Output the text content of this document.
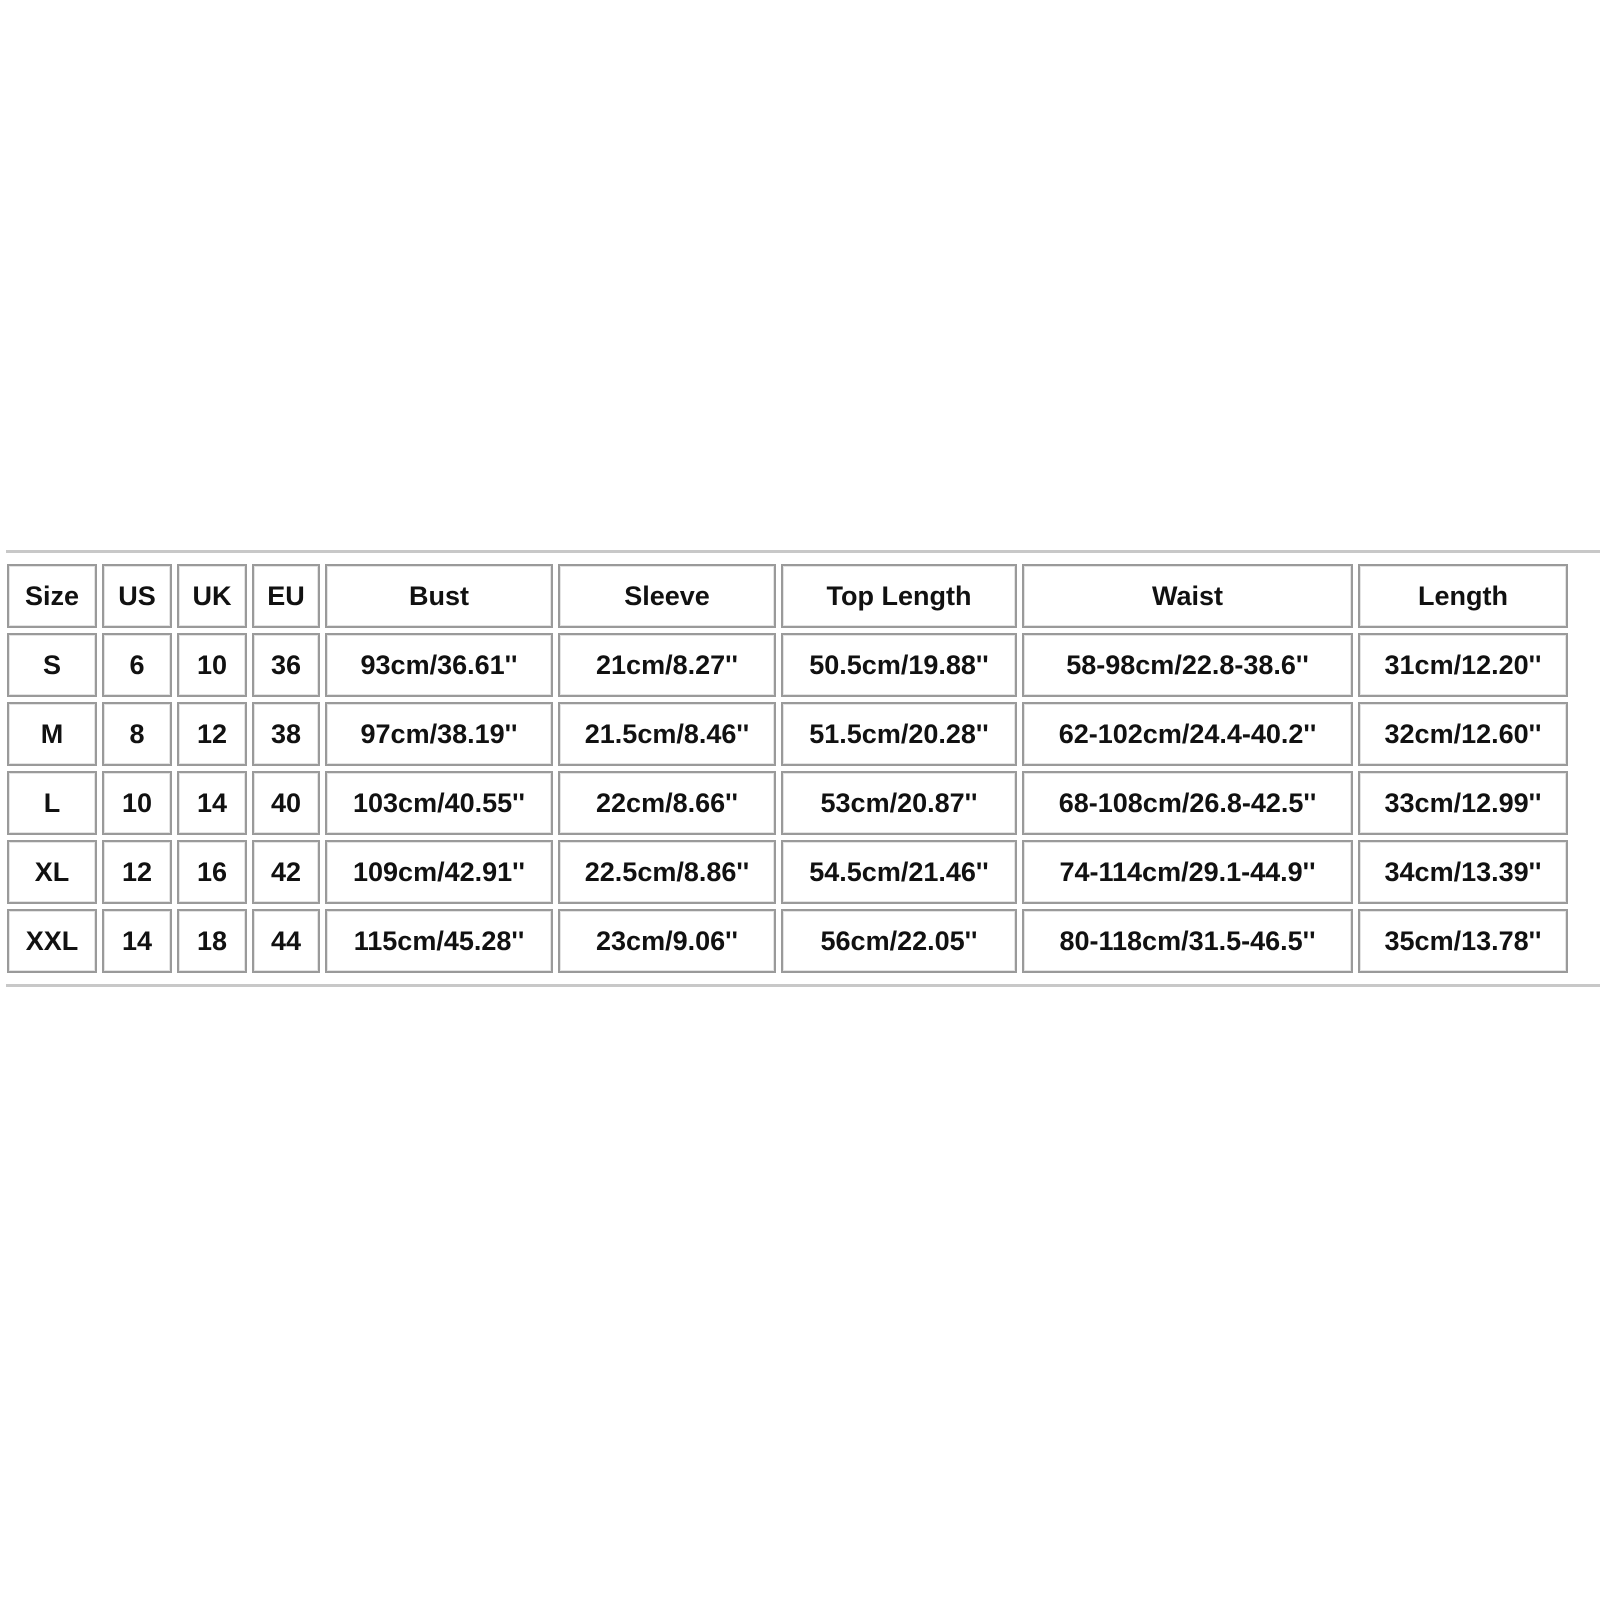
Size	US	UK	EU	Bust	Sleeve	Top Length	Waist	Length
S	6	10	36	93cm/36.61''	21cm/8.27''	50.5cm/19.88''	58-98cm/22.8-38.6''	31cm/12.20''
M	8	12	38	97cm/38.19''	21.5cm/8.46''	51.5cm/20.28''	62-102cm/24.4-40.2''	32cm/12.60''
L	10	14	40	103cm/40.55''	22cm/8.66''	53cm/20.87''	68-108cm/26.8-42.5''	33cm/12.99''
XL	12	16	42	109cm/42.91''	22.5cm/8.86''	54.5cm/21.46''	74-114cm/29.1-44.9''	34cm/13.39''
XXL	14	18	44	115cm/45.28''	23cm/9.06''	56cm/22.05''	80-118cm/31.5-46.5''	35cm/13.78''
